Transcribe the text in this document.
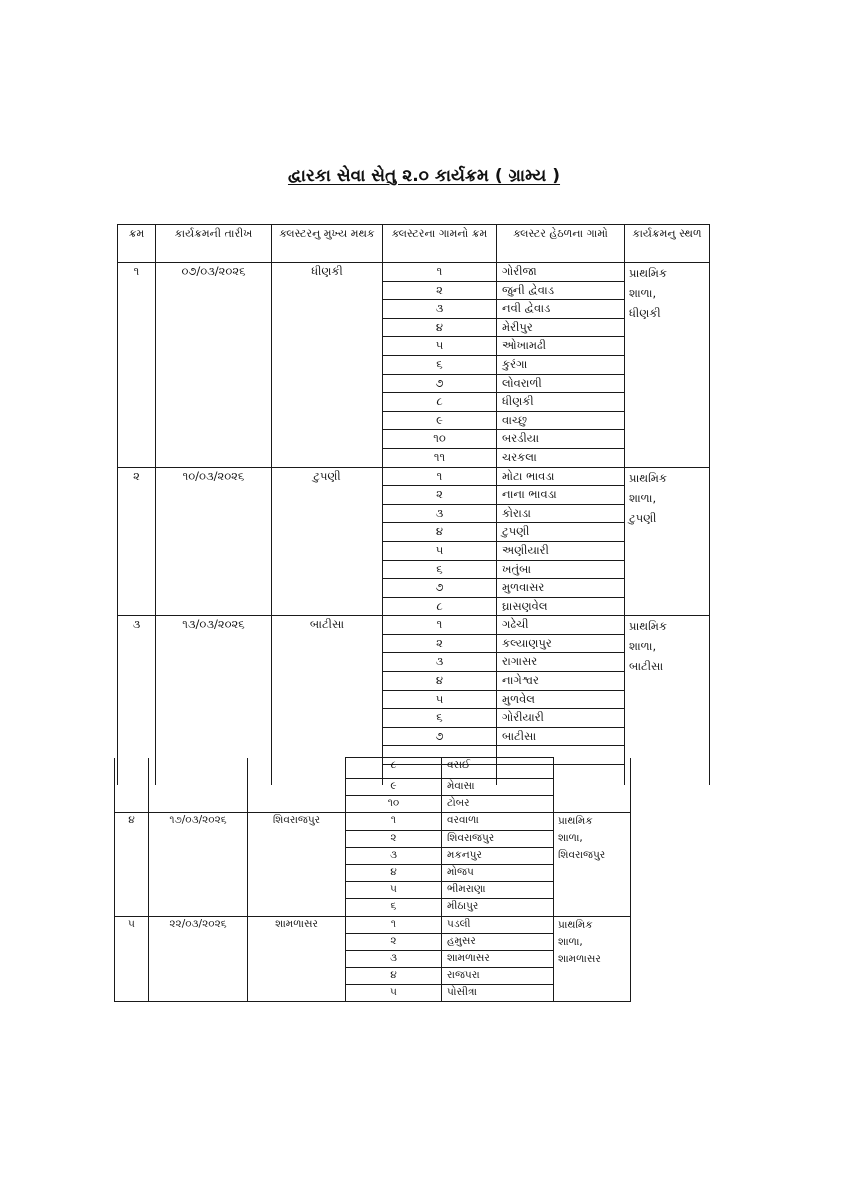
દ્વારકા સેવા સેતુ ૨.૦ કાર્યક્રમ ( ગ્રામ્ય )
ક્રમ	કાર્યક્રમની તારીખ	ક્લસ્ટરનુ મુખ્ય મથક	ક્લસ્ટરના ગામનો ક્રમ	ક્લસ્ટર હેઠળના ગામો	કાર્યક્રમનુ સ્થળ
૧	૦૭/૦૩/૨૦૨૬	ધીણકી	૧	ગોરીજા	પ્રાથમિક
શાળા,
ધીણકી

			૨	જુની દ્વેવાડ	
			૩	નવી દ્વેવાડ	
			૪	મેરીપુર	
			૫	ઓખામઢી	
			૬	કુરંગા	
			૭	લોવરાળી	
			૮	ધીણકી	
			૯	વાચ્છુ	
			૧૦	બરડીયા	
			૧૧	ચરકલા	
૨	૧૦/૦૩/૨૦૨૬	ટુપણી	૧	મોટા ભાવડા	પ્રાથમિક
શાળા,
ટુપણી

			૨	નાના ભાવડા	
			૩	કોરાડા	
			૪	ટુપણી	
			૫	અણીયારી	
			૬	ખતુંબા	
			૭	મુળવાસર	
			૮	ઘ્રાસણવેલ	
૩	૧૩/૦૩/૨૦૨૬	બાટીસા	૧	ગઢેચી	પ્રાથમિક
શાળા,
બાટીસા

			૨	કલ્યાણપુર	
			૩	રાગાસર	
			૪	નાગેશ્વર	
			૫	મુળવેલ	
			૬	ગોરીયારી	
			૭	બાટીસા	

			૮	વસઈ	
			૯	મેવાસા	
			૧૦	ટોબર	
૪	૧૭/૦૩/૨૦૨૬	શિવરાજપુર	૧	વરવાળા	પ્રાથમિક
શાળા,
શિવરાજપુર

			૨	શિવરાજપુર	
			૩	મકનપુર	
			૪	મોજપ	
			૫	ભીમરાણા	
			૬	મીઠાપુર	
૫	૨૨/૦૩/૨૦૨૬	શામળાસર	૧	પડલી	પ્રાથમિક
શાળા,
શામળાસર

			૨	હમુસર	
			૩	શામળાસર	
			૪	રાજપરા	
			૫	પોસીત્રા	
